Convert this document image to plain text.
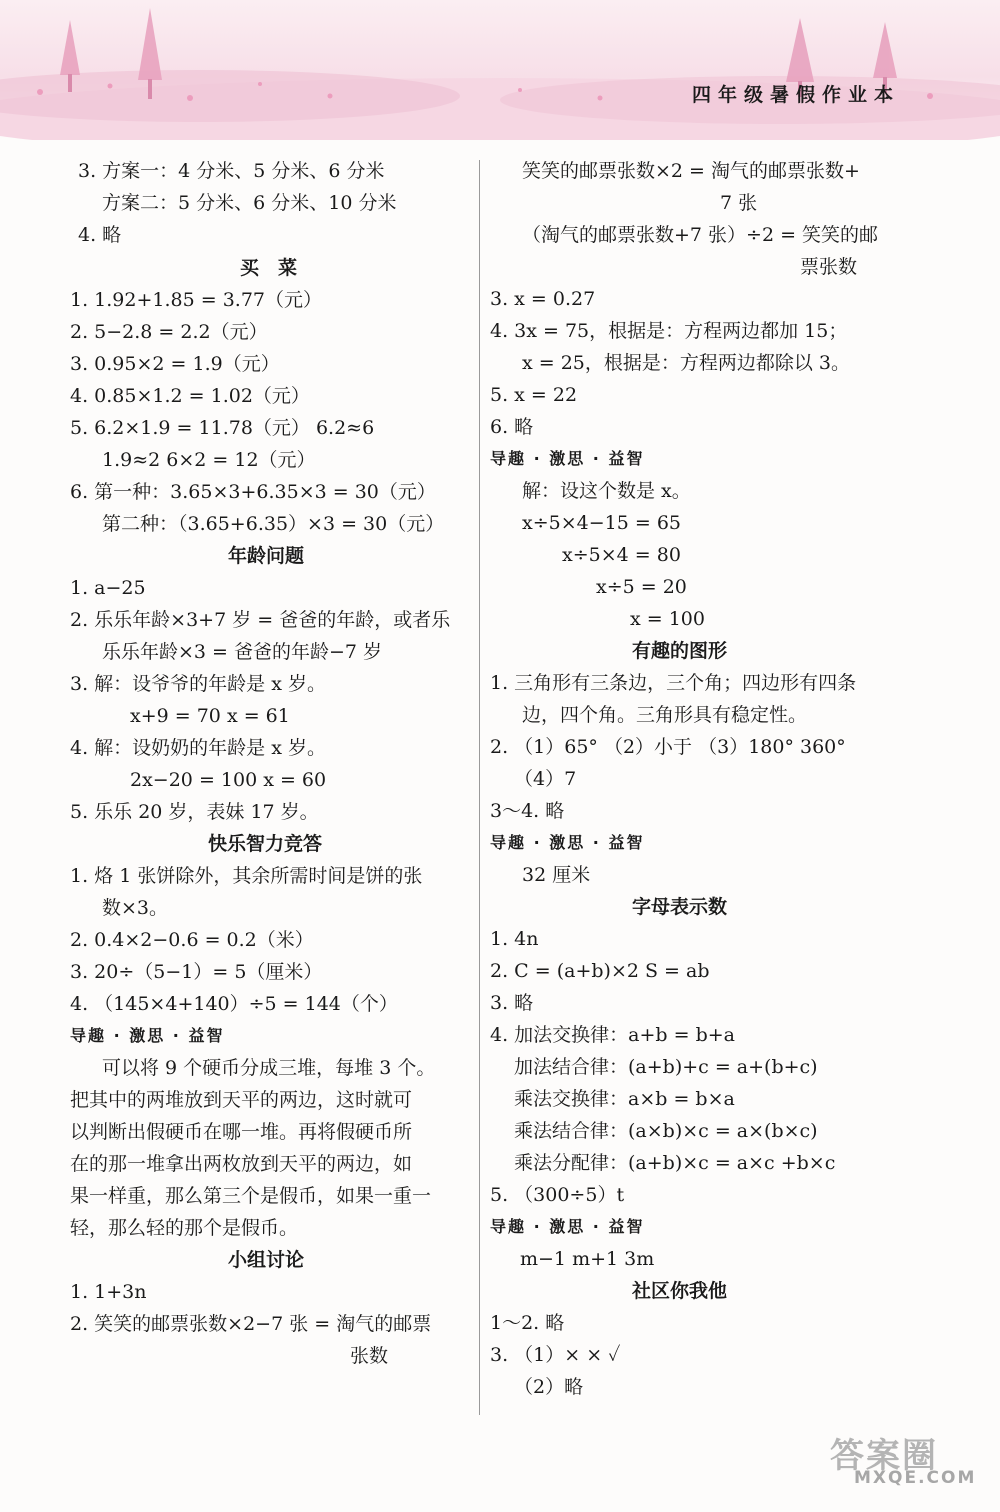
四年级暑假作业本
3. 方案一：4 分米、5 分米、6 分米
方案二：5 分米、6 分米、10 分米
4. 略
买　菜
1. 1.92+1.85 = 3.77（元）
2. 5−2.8 = 2.2（元）
3. 0.95×2 = 1.9（元）
4. 0.85×1.2 = 1.02（元）
5. 6.2×1.9 = 11.78（元） 6.2≈6
1.9≈2 6×2 = 12（元）
6. 第一种：3.65×3+6.35×3 = 30（元）
第二种：（3.65+6.35）×3 = 30（元）
年龄问题
1. a−25
2. 乐乐年龄×3+7 岁 = 爸爸的年龄，或者乐
乐乐年龄×3 = 爸爸的年龄−7 岁
3. 解：设爷爷的年龄是 x 岁。
x+9 = 70 x = 61
4. 解：设奶奶的年龄是 x 岁。
2x−20 = 100 x = 60
5. 乐乐 20 岁，表妹 17 岁。
快乐智力竞答
1. 烙 1 张饼除外，其余所需时间是饼的张
数×3。
2. 0.4×2−0.6 = 0.2（米）
3. 20÷（5−1）= 5（厘米）
4. （145×4+140）÷5 = 144（个）
导趣 · 激思 · 益智
可以将 9 个硬币分成三堆，每堆 3 个。
把其中的两堆放到天平的两边，这时就可
以判断出假硬币在哪一堆。再将假硬币所
在的那一堆拿出两枚放到天平的两边，如
果一样重，那么第三个是假币，如果一重一
轻，那么轻的那个是假币。
小组讨论
1. 1+3n
2. 笑笑的邮票张数×2−7 张 = 淘气的邮票
张数
笑笑的邮票张数×2 = 淘气的邮票张数+
7 张
（淘气的邮票张数+7 张）÷2 = 笑笑的邮
票张数
3. x = 0.27
4. 3x = 75，根据是：方程两边都加 15；
x = 25，根据是：方程两边都除以 3。
5. x = 22
6. 略
导趣 · 激思 · 益智
解：设这个数是 x。
x÷5×4−15 = 65
x÷5×4 = 80
x÷5 = 20
x = 100
有趣的图形
1. 三角形有三条边，三个角；四边形有四条
边，四个角。三角形具有稳定性。
2. （1）65° （2）小于 （3）180° 360°
（4）7
3～4. 略
导趣 · 激思 · 益智
32 厘米
字母表示数
1. 4n
2. C = (a+b)×2 S = ab
3. 略
4. 加法交换律：a+b = b+a
加法结合律：(a+b)+c = a+(b+c)
乘法交换律：a×b = b×a
乘法结合律：(a×b)×c = a×(b×c)
乘法分配律：(a+b)×c = a×c +b×c
5. （300÷5）t
导趣 · 激思 · 益智
m−1 m+1 3m
社区你我他
1～2. 略
3. （1）× × ✓
（2）略
答案圈
MXQE.COM
